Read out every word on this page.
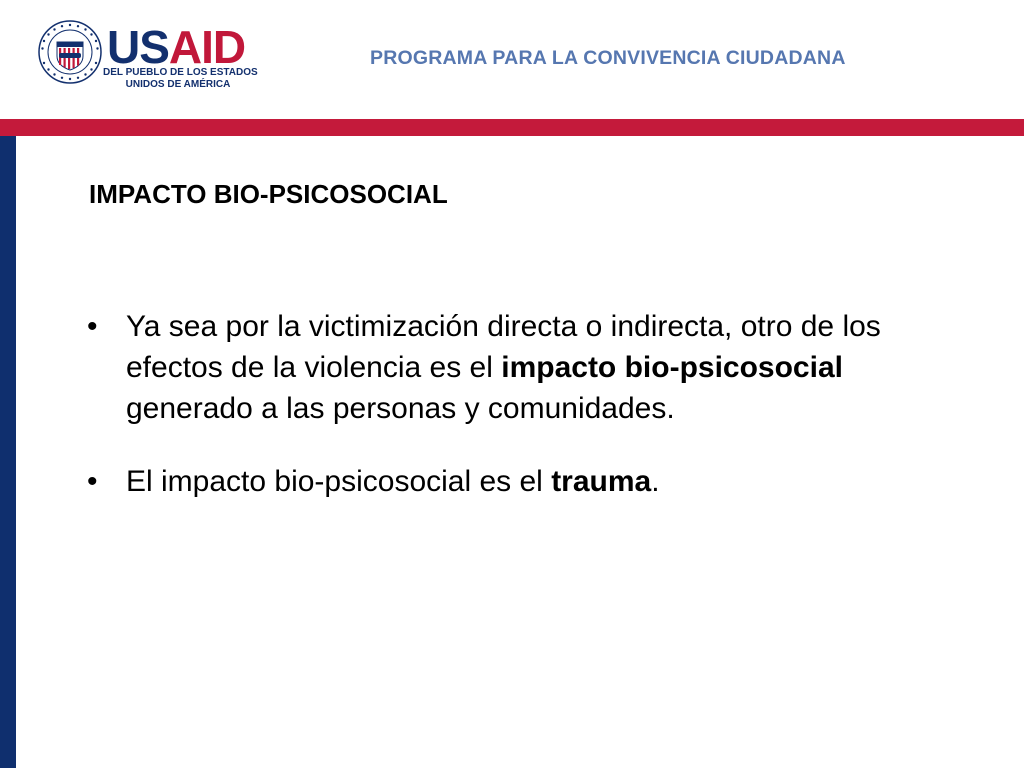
USAID
DEL PUEBLO DE LOS ESTADOS
UNIDOS DE AMÉRICA
PROGRAMA PARA LA CONVIVENCIA CIUDADANA
IMPACTO BIO-PSICOSOCIAL
• Ya sea por la victimización directa o indirecta, otro de los efectos de la violencia es el impacto bio-psicosocial generado a las personas y comunidades.
• El impacto bio-psicosocial es el trauma.
